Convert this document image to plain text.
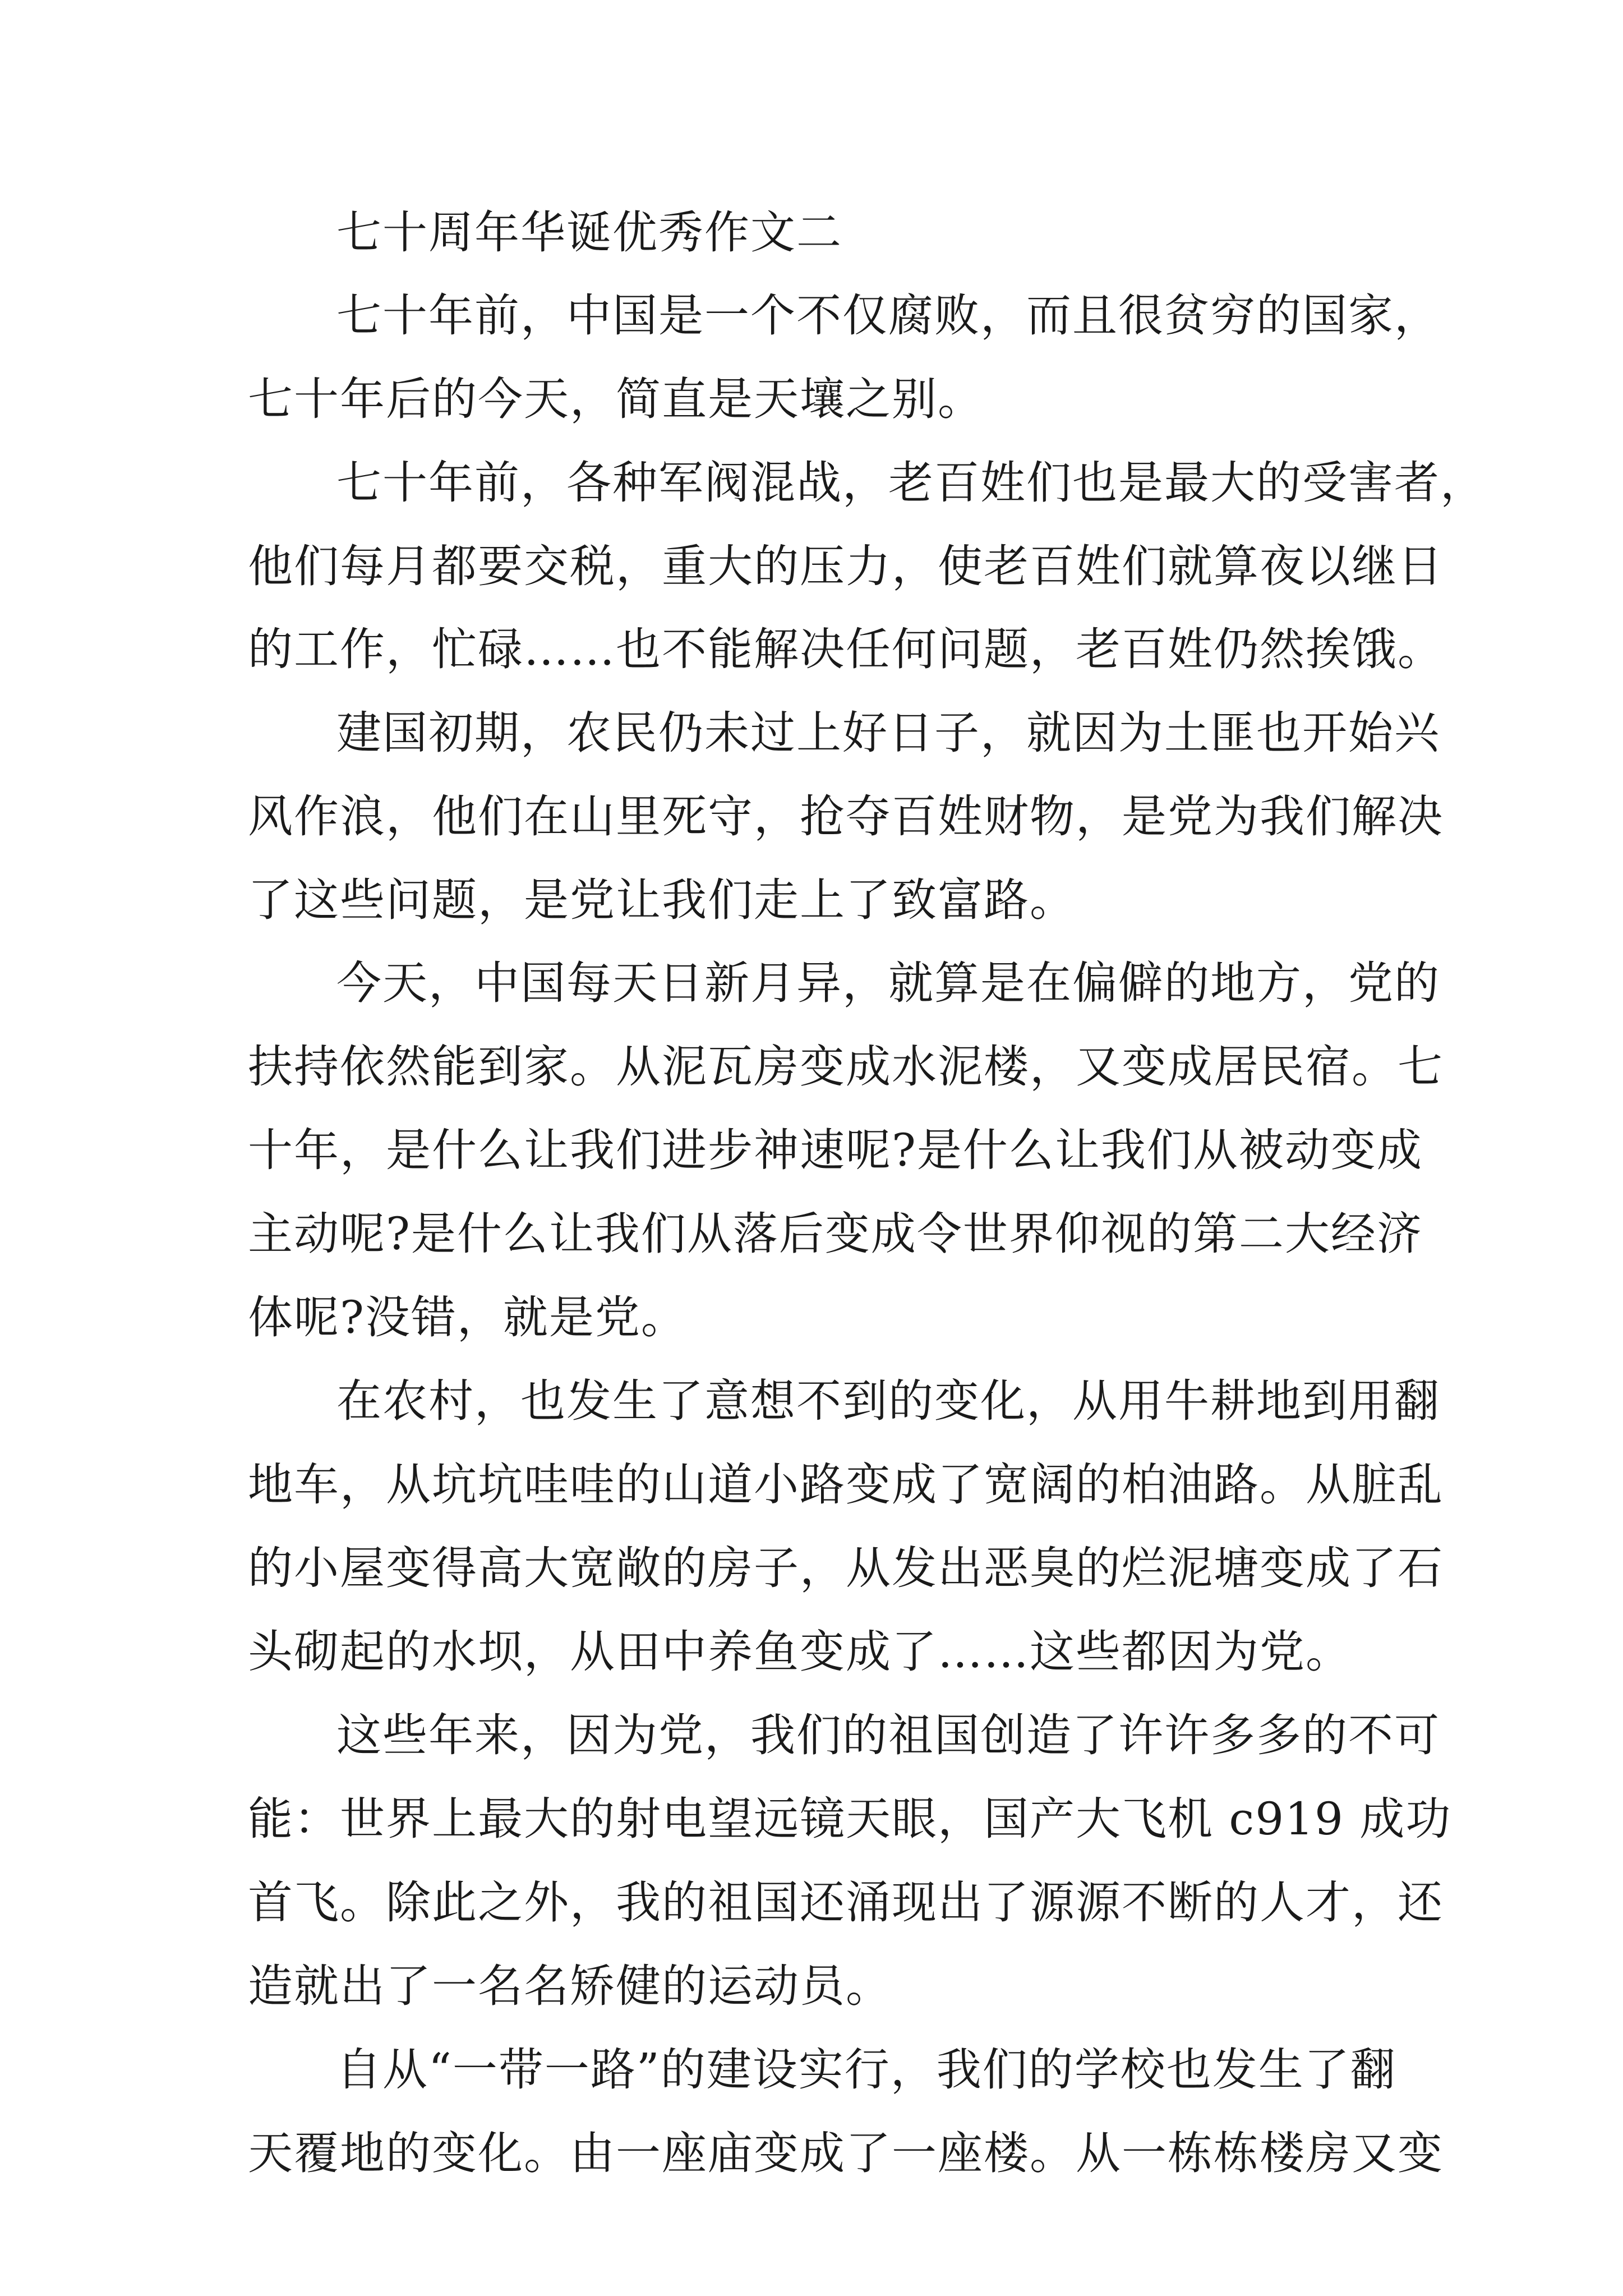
七十周年华诞优秀作文二
七十年前，中国是一个不仅腐败，而且很贫穷的国家，
七十年后的今天，简直是天壤之别。
七十年前，各种军阀混战，老百姓们也是最大的受害者，
他们每月都要交税，重大的压力，使老百姓们就算夜以继日
的工作，忙碌……也不能解决任何问题，老百姓仍然挨饿。
建国初期，农民仍未过上好日子，就因为土匪也开始兴
风作浪，他们在山里死守，抢夺百姓财物，是党为我们解决
了这些问题，是党让我们走上了致富路。
今天，中国每天日新月异，就算是在偏僻的地方，党的
扶持依然能到家。从泥瓦房变成水泥楼，又变成居民宿。七
十年，是什么让我们进步神速呢?是什么让我们从被动变成
主动呢?是什么让我们从落后变成令世界仰视的第二大经济
体呢?没错，就是党。
在农村，也发生了意想不到的变化，从用牛耕地到用翻
地车，从坑坑哇哇的山道小路变成了宽阔的柏油路。从脏乱
的小屋变得高大宽敞的房子，从发出恶臭的烂泥塘变成了石
头砌起的水坝，从田中养鱼变成了……这些都因为党。
这些年来，因为党，我们的祖国创造了许许多多的不可
能：世界上最大的射电望远镜天眼，国产大飞机 c919 成功
首飞。除此之外，我的祖国还涌现出了源源不断的人才，还
造就出了一名名矫健的运动员。
自从“一带一路”的建设实行，我们的学校也发生了翻
天覆地的变化。由一座庙变成了一座楼。从一栋栋楼房又变
